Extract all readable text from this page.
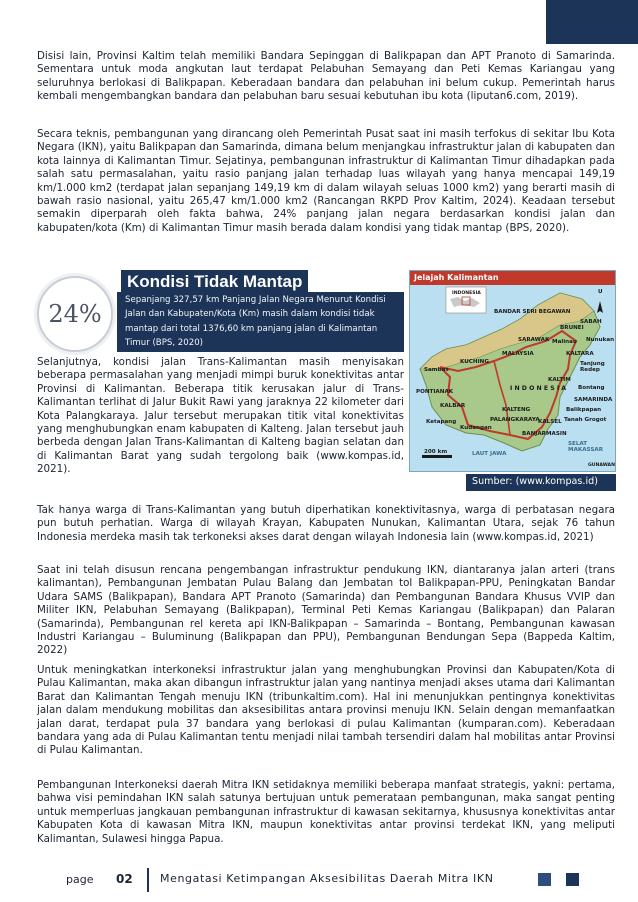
Disisi lain, Provinsi Kaltim telah memiliki Bandara Sepinggan di Balikpapan dan APT Pranoto di Samarinda. Sementara untuk moda angkutan laut terdapat Pelabuhan Semayang dan Peti Kemas Kariangau yang seluruhnya berlokasi di Balikpapan. Keberadaan bandara dan pelabuhan ini belum cukup. Pemerintah harus kembali mengembangkan bandara dan pelabuhan baru sesuai kebutuhan ibu kota (liputan6.com, 2019).

Secara teknis, pembangunan yang dirancang oleh Pemerintah Pusat saat ini masih terfokus di sekitar Ibu Kota Negara (IKN), yaitu Balikpapan dan Samarinda, dimana belum menjangkau infrastruktur jalan di kabupaten dan kota lainnya di Kalimantan Timur. Sejatinya, pembangunan infrastruktur di Kalimantan Timur dihadapkan pada salah satu permasalahan, yaitu rasio panjang jalan terhadap luas wilayah yang hanya mencapai 149,19 km/1.000 km2 (terdapat jalan sepanjang 149,19 km di dalam wilayah seluas 1000 km2) yang berarti masih di bawah rasio nasional, yaitu 265,47 km/1.000 km2 (Rancangan RKPD Prov Kaltim, 2024). Keadaan tersebut semakin diperparah oleh fakta bahwa, 24% panjang jalan negara berdasarkan kondisi jalan dan kabupaten/kota (Km) di Kalimantan Timur masih berada dalam kondisi yang tidak mantap (BPS, 2020).

24%
Kondisi Tidak Mantap
Sepanjang 327,57 km Panjang Jalan Negara Menurut Kondisi Jalan dan Kabupaten/Kota (Km) masih dalam kondisi tidak mantap dari total 1376,60 km panjang jalan di Kalimantan Timur (BPS, 2020)
Jelajah Kalimantan
INDONESIA
BANDAR SERI BEGAWAN
SABAH
BRUNEI
SARAWAK Malinau Nunukan
MALAYSIA	KALTARA
Tanjung Redep
KUCHING
Sambas
PONTIANAK
KALBAR
I N D O N E S I A
KALTIM
Bontang
SAMARINDA
Balikpapan
Tanah Grogot
KALTENG
KALSEL
PALANGKARAYA
BANJARMASIN
Ketapang
Kudangan
LAUT JAWA
SELAT MAKASSAR
200 km
U
GUNAWAN
Sumber: (www.kompas.id)

Selanjutnya, kondisi jalan Trans-Kalimantan masih menyisakan beberapa permasalahan yang menjadi mimpi buruk konektivitas antar Provinsi di Kalimantan. Beberapa titik kerusakan jalur di Trans-Kalimantan terlihat di Jalur Bukit Rawi yang jaraknya 22 kilometer dari Kota Palangkaraya. Jalur tersebut merupakan titik vital konektivitas yang menghubungkan enam kabupaten di Kalteng. Jalan tersebut jauh berbeda dengan Jalan Trans-Kalimantan di Kalteng bagian selatan dan di Kalimantan Barat yang sudah tergolong baik (www.kompas.id, 2021).

Tak hanya warga di Trans-Kalimantan yang butuh diperhatikan konektivitasnya, warga di perbatasan negara pun butuh perhatian. Warga di wilayah Krayan, Kabupaten Nunukan, Kalimantan Utara, sejak 76 tahun Indonesia merdeka masih tak terkoneksi akses darat dengan wilayah Indonesia lain (www.kompas.id, 2021)

Saat ini telah disusun rencana pengembangan infrastruktur pendukung IKN, diantaranya jalan arteri (trans kalimantan), Pembangunan Jembatan Pulau Balang dan Jembatan tol Balikpapan-PPU, Peningkatan Bandar Udara SAMS (Balikpapan), Bandara APT Pranoto (Samarinda) dan Pembangunan Bandara Khusus VVIP dan Militer IKN, Pelabuhan Semayang (Balikpapan), Terminal Peti Kemas Kariangau (Balikpapan) dan Palaran (Samarinda), Pembangunan rel kereta api IKN-Balikpapan – Samarinda – Bontang, Pembangunan kawasan Industri Kariangau – Buluminung (Balikpapan dan PPU), Pembangunan Bendungan Sepa (Bappeda Kaltim, 2022)

Untuk meningkatkan interkoneksi infrastruktur jalan yang menghubungkan Provinsi dan Kabupaten/Kota di Pulau Kalimantan, maka akan dibangun infrastruktur jalan yang nantinya menjadi akses utama dari Kalimantan Barat dan Kalimantan Tengah menuju IKN (tribunkaltim.com). Hal ini menunjukkan pentingnya konektivitas jalan dalam mendukung mobilitas dan aksesibilitas antara provinsi menuju IKN. Selain dengan memanfaatkan jalan darat, terdapat pula 37 bandara yang berlokasi di pulau Kalimantan (kumparan.com). Keberadaan bandara yang ada di Pulau Kalimantan tentu menjadi nilai tambah tersendiri dalam hal mobilitas antar Provinsi di Pulau Kalimantan.

Pembangunan Interkoneksi daerah Mitra IKN setidaknya memiliki beberapa manfaat strategis, yakni: pertama, bahwa visi pemindahan IKN salah satunya bertujuan untuk pemerataan pembangunan, maka sangat penting untuk memperluas jangkauan pembangunan infrastruktur di kawasan sekitarnya, khususnya konektivitas antar Kabupaten Kota di kawasan Mitra IKN, maupun konektivitas antar provinsi terdekat IKN, yang meliputi Kalimantan, Sulawesi hingga Papua.

page 02 Mengatasi Ketimpangan Aksesibilitas Daerah Mitra IKN
